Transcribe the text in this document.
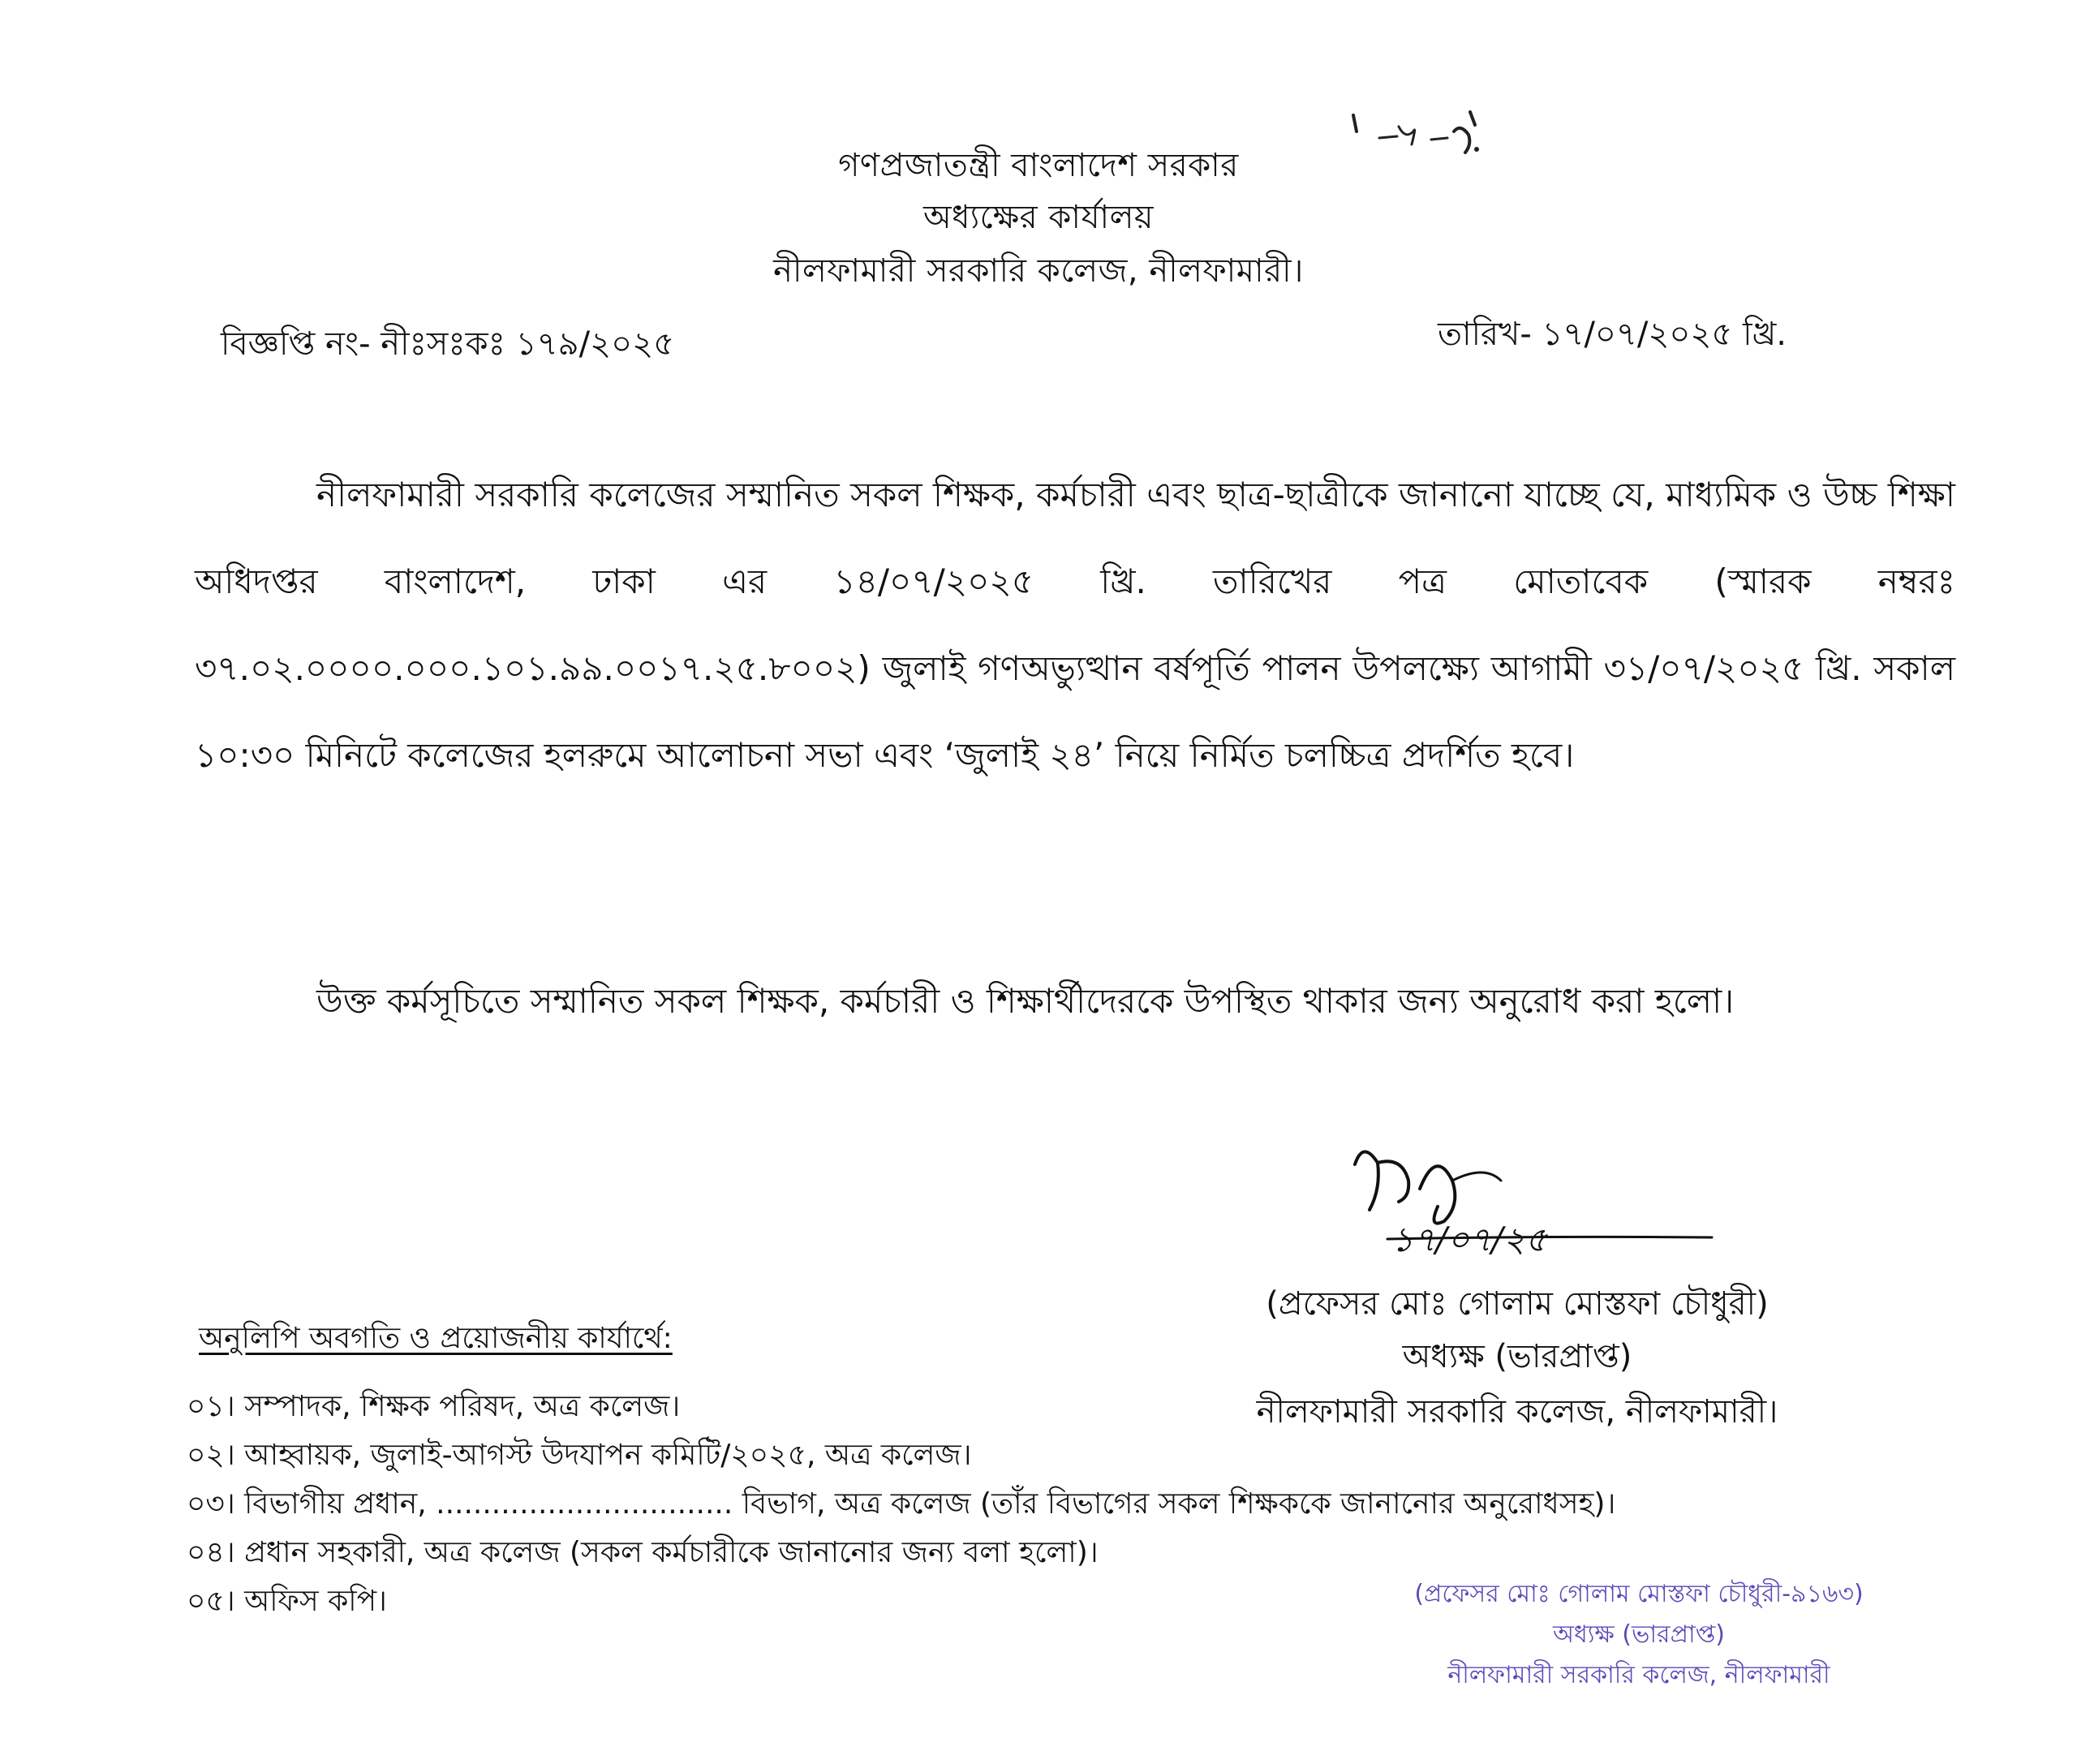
গণপ্রজাতন্ত্রী বাংলাদেশ সরকার
অধ্যক্ষের কার্যালয়
নীলফামারী সরকারি কলেজ, নীলফামারী।
বিজ্ঞপ্তি নং- নীঃসঃকঃ ১৭৯/২০২৫	তারিখ- ১৭/০৭/২০২৫ খ্রি.
নীলফামারী সরকারি কলেজের সম্মানিত সকল শিক্ষক, কর্মচারী এবং ছাত্র-ছাত্রীকে জানানো যাচ্ছে যে, মাধ্যমিক ও উচ্চ শিক্ষা অধিদপ্তর বাংলাদেশ, ঢাকা এর ১৪/০৭/২০২৫ খ্রি. তারিখের পত্র মোতাবেক (স্মারক নম্বরঃ ৩৭.০২.০০০০.০০০.১০১.৯৯.০০১৭.২৫.৮০০২) জুলাই গণঅভ্যুত্থান বর্ষপূর্তি পালন উপলক্ষ্যে আগামী ৩১/০৭/২০২৫ খ্রি. সকাল ১০:৩০ মিনিটে কলেজের হলরুমে আলোচনা সভা এবং ‘জুলাই ২৪’ নিয়ে নির্মিত চলচ্চিত্র প্রদর্শিত হবে।
উক্ত কর্মসূচিতে সম্মানিত সকল শিক্ষক, কর্মচারী ও শিক্ষার্থীদেরকে উপস্থিত থাকার জন্য অনুরোধ করা হলো।
১৭/০৭/২৫
(প্রফেসর মোঃ গোলাম মোস্তফা চৌধুরী)
অধ্যক্ষ (ভারপ্রাপ্ত)
নীলফামারী সরকারি কলেজ, নীলফামারী।
অনুলিপি অবগতি ও প্রয়োজনীয় কার্যার্থে:
০১। সম্পাদক, শিক্ষক পরিষদ, অত্র কলেজ।
০২। আহ্বায়ক, জুলাই-আগস্ট উদযাপন কমিটি/২০২৫, অত্র কলেজ।
০৩। বিভাগীয় প্রধান, ................................ বিভাগ, অত্র কলেজ (তাঁর বিভাগের সকল শিক্ষককে জানানোর অনুরোধসহ)।
০৪। প্রধান সহকারী, অত্র কলেজ (সকল কর্মচারীকে জানানোর জন্য বলা হলো)।
০৫। অফিস কপি।	(প্রফেসর মোঃ গোলাম মোস্তফা চৌধুরী-৯১৬৩)
অধ্যক্ষ (ভারপ্রাপ্ত)
নীলফামারী সরকারি কলেজ, নীলফামারী
